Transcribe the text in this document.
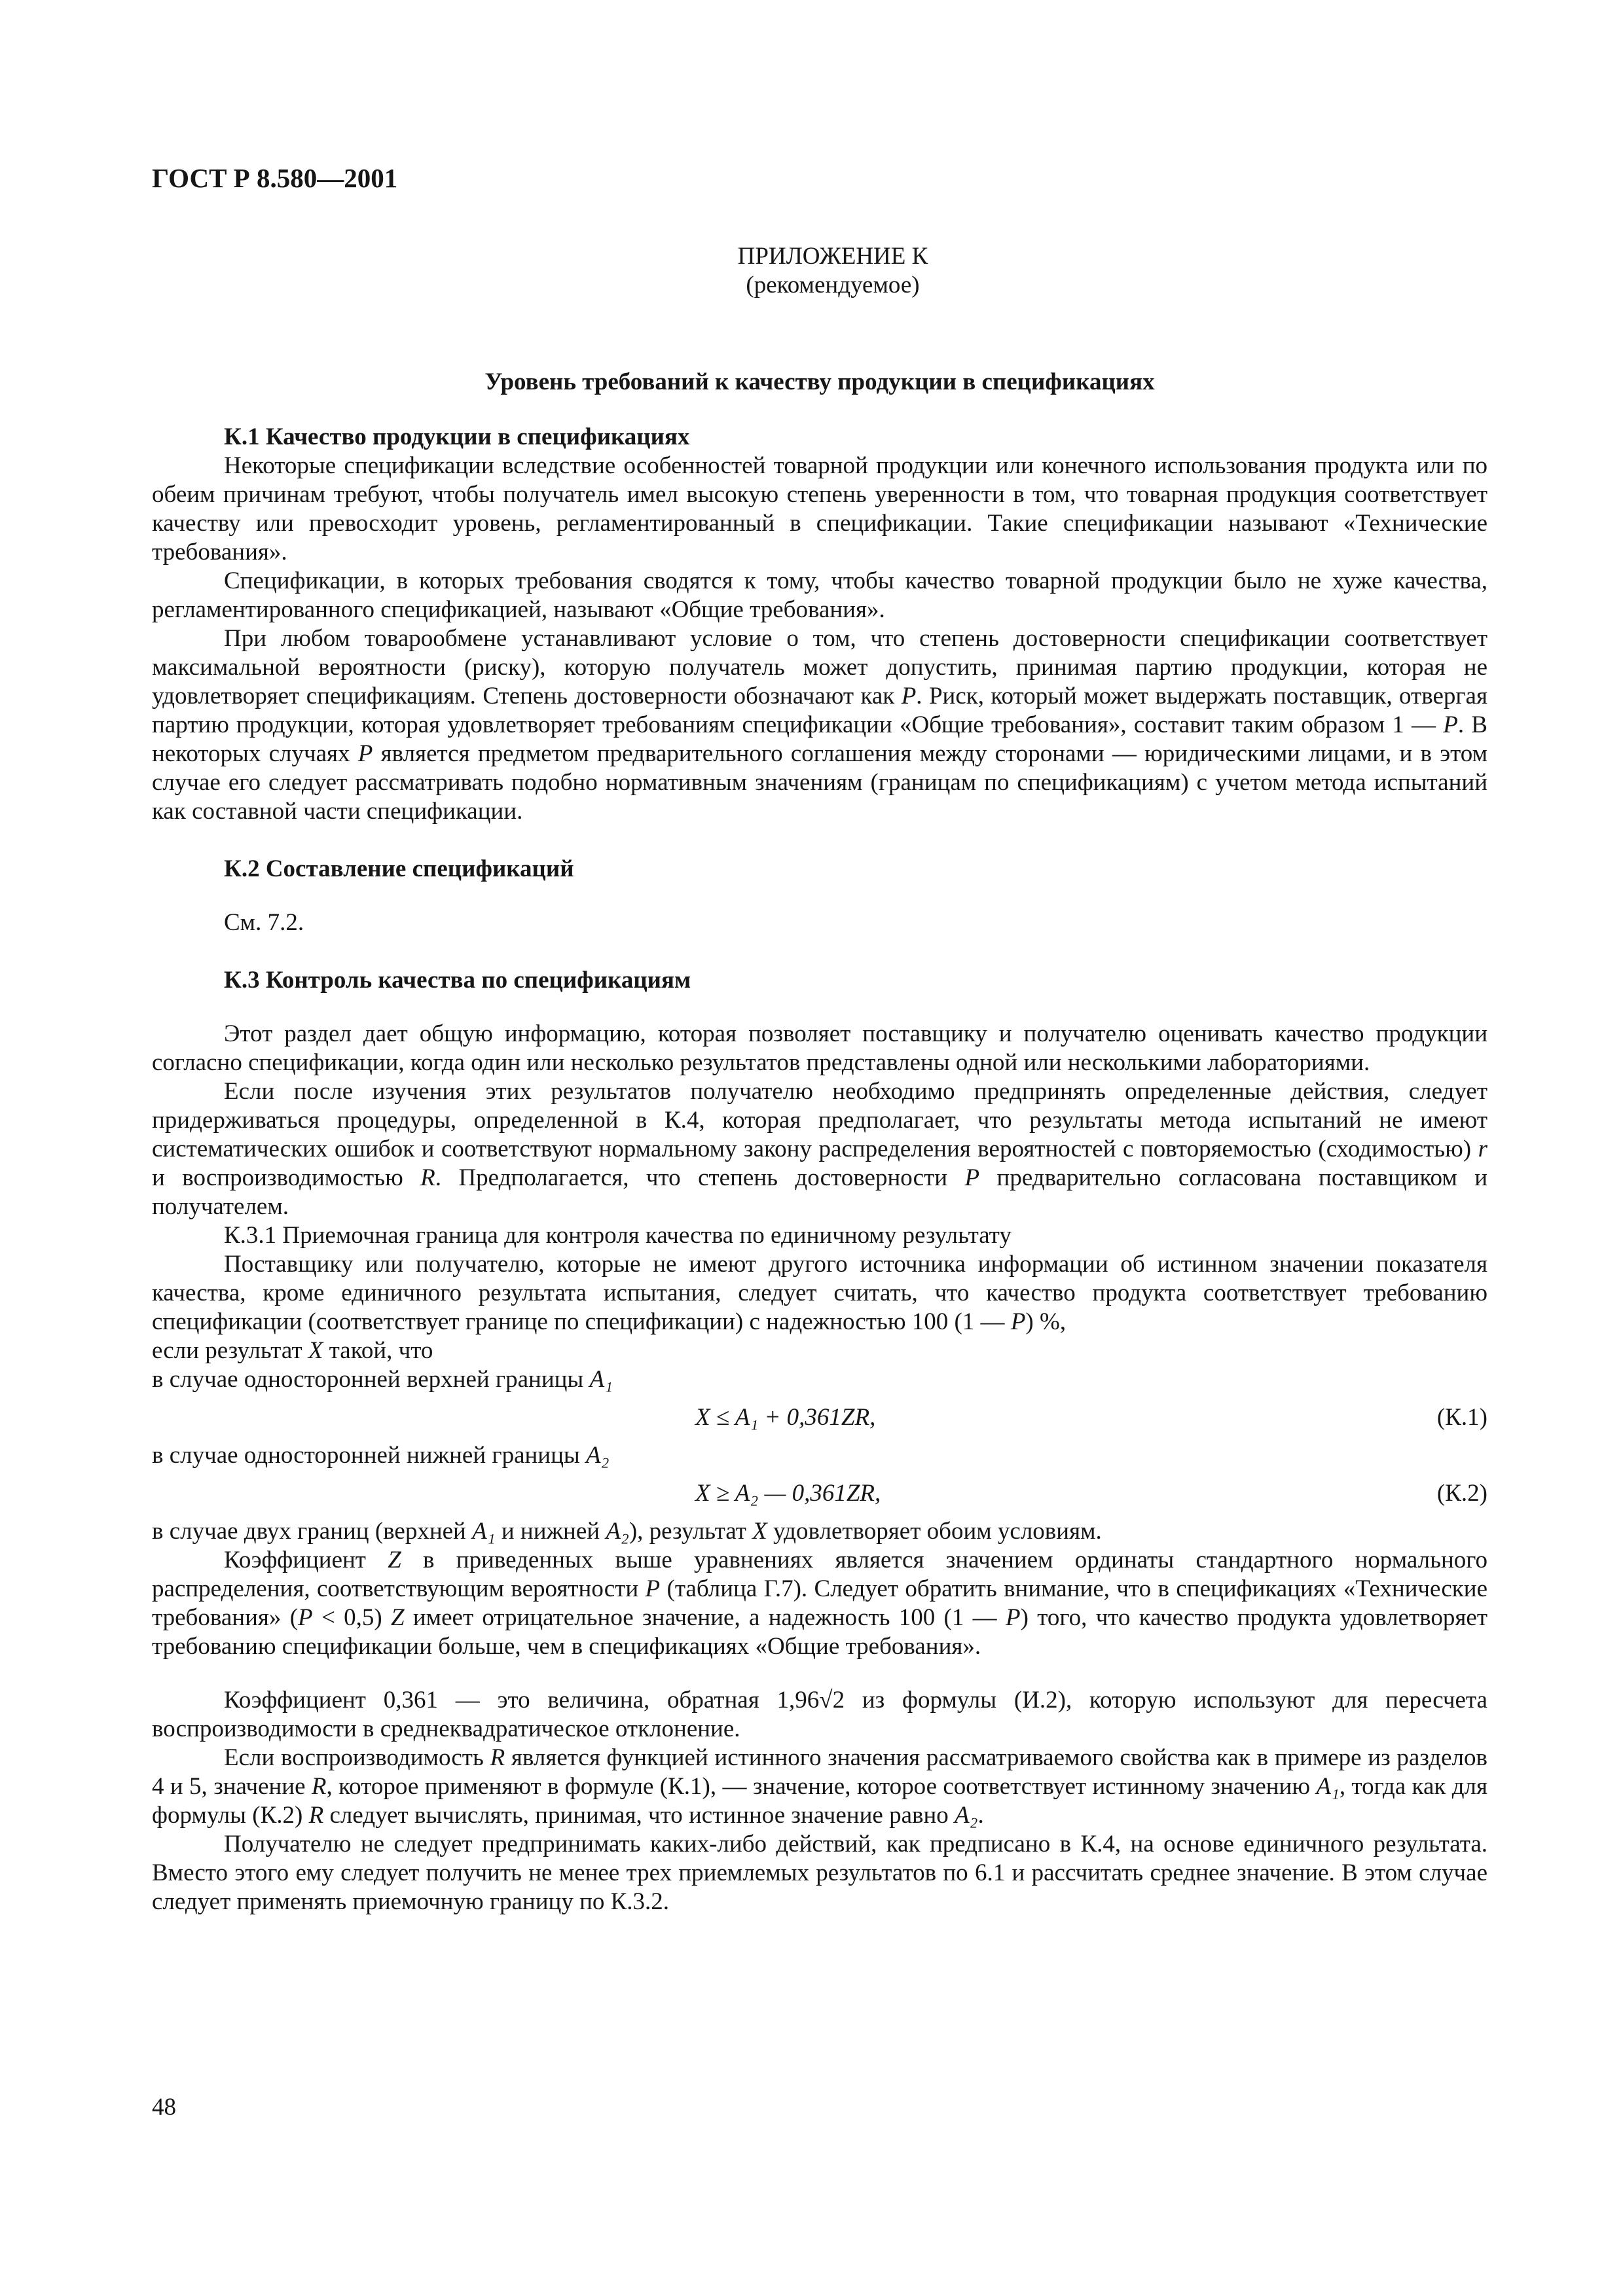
ГОСТ Р 8.580—2001
ПРИЛОЖЕНИЕ К
(рекомендуемое)
Уровень требований к качеству продукции в спецификациях
К.1 Качество продукции в спецификациях

Некоторые спецификации вследствие особенностей товарной продукции или конечного использования продукта или по обеим причинам требуют, чтобы получатель имел высокую степень уверенности в том, что товарная продукция соответствует качеству или превосходит уровень, регламентированный в спецификации. Такие спецификации называют «Технические требования».

Спецификации, в которых требования сводятся к тому, чтобы качество товарной продукции было не хуже качества, регламентированного спецификацией, называют «Общие требования».

При любом товарообмене устанавливают условие о том, что степень достоверности спецификации соответствует максимальной вероятности (риску), которую получатель может допустить, принимая партию продукции, которая не удовлетворяет спецификациям. Степень достоверности обозначают как P. Риск, который может выдержать поставщик, отвергая партию продукции, которая удовлетворяет требованиям спецификации «Общие требования», составит таким образом 1 — P. В некоторых случаях P является предметом предварительного соглашения между сторонами — юридическими лицами, и в этом случае его следует рассматривать подобно нормативным значениям (границам по спецификациям) с учетом метода испытаний как составной части спецификации.

К.2 Составление спецификаций

См. 7.2.

К.3 Контроль качества по спецификациям

Этот раздел дает общую информацию, которая позволяет поставщику и получателю оценивать качество продукции согласно спецификации, когда один или несколько результатов представлены одной или несколькими лабораториями.

Если после изучения этих результатов получателю необходимо предпринять определенные действия, следует придерживаться процедуры, определенной в К.4, которая предполагает, что результаты метода испытаний не имеют систематических ошибок и соответствуют нормальному закону распределения вероятностей с повторяемостью (сходимостью) r и воспроизводимостью R. Предполагается, что степень достоверности P предварительно согласована поставщиком и получателем.

К.3.1 Приемочная граница для контроля качества по единичному результату

Поставщику или получателю, которые не имеют другого источника информации об истинном значении показателя качества, кроме единичного результата испытания, следует считать, что качество продукта соответствует требованию спецификации (соответствует границе по спецификации) с надежностью 100 (1 — P) %,

если результат X такой, что

в случае односторонней верхней границы A₁

X ≤ A₁ + 0,361ZR,	(К.1)

в случае односторонней нижней границы A₂

X ≥ A₂ — 0,361ZR,	(К.2)

в случае двух границ (верхней A₁ и нижней A₂), результат X удовлетворяет обоим условиям.

Коэффициент Z в приведенных выше уравнениях является значением ординаты стандартного нормального распределения, соответствующим вероятности P (таблица Г.7). Следует обратить внимание, что в спецификациях «Технические требования» (P < 0,5) Z имеет отрицательное значение, а надежность 100 (1 — P) того, что качество продукта удовлетворяет требованию спецификации больше, чем в спецификациях «Общие требования».

Коэффициент 0,361 — это величина, обратная 1,96√2 из формулы (И.2), которую используют для пересчета воспроизводимости в среднеквадратическое отклонение.

Если воспроизводимость R является функцией истинного значения рассматриваемого свойства как в примере из разделов 4 и 5, значение R, которое применяют в формуле (К.1), — значение, которое соответствует истинному значению A₁, тогда как для формулы (К.2) R следует вычислять, принимая, что истинное значение равно A₂.

Получателю не следует предпринимать каких-либо действий, как предписано в К.4, на основе единичного результата. Вместо этого ему следует получить не менее трех приемлемых результатов по 6.1 и рассчитать среднее значение. В этом случае следует применять приемочную границу по К.3.2.

48
